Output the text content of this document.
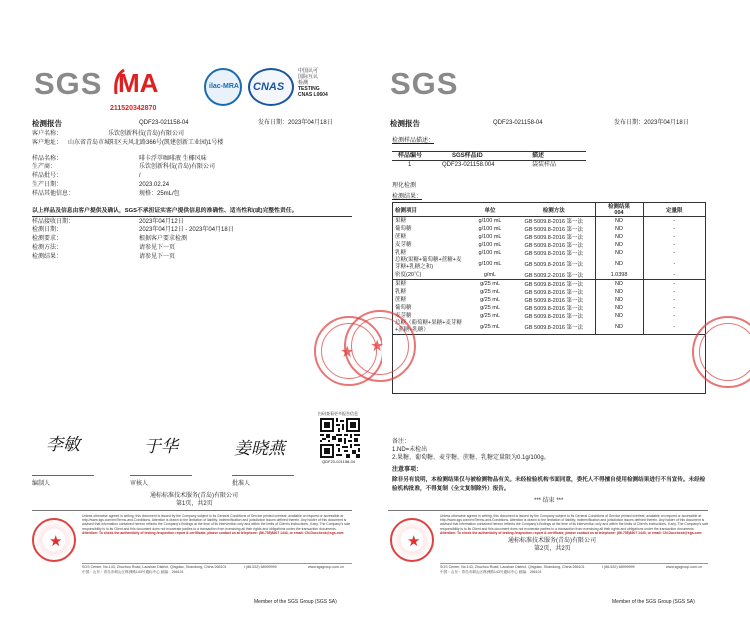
SGS MA
211520342870
ilac-MRA CNAS
中国认可
国际互认
检测
TESTING
CNAS L0604
检测报告	QDF23-021158-04	发布日期：2023年04月18日
客户名称：	乐饮创新科技(青岛)有限公司
客户地址： 山东省青岛市城阳区天风北路366号(凯建创新工业园)1号楼
样品名称：	啡卡浮萃咖啡液 生椰风味
生产商：	乐饮创新科技(青岛)有限公司
样品批号：	/
生产日期：	2023.02.24
样品其他信息：	规格：25mL/包
以上样品及信息由客户提供及确认，SGS不承担证实客户提供信息的准确性、适当性和(或)完整性责任。
样品接收日期：	2023年04月12日
检测日期：	2023年04月12日 - 2023年04月18日
检测要求：	根据客户要求检测
检测方法：	请参见下一页
检测结果：	请参见下一页
扫码查看更多报告信息
QDF23-021158-04
李敏	于华	姜晓燕
编制人	审核人	批准人
通标标准技术服务(青岛)有限公司
第1页，共2页
★
★
Unless otherwise agreed in writing, this document is issued by the Company subject to its General Conditions of Service printed overleaf, available on request or accessible at http://www.sgs.com/en/Terms-and-Conditions. Attention is drawn to the limitation of liability, indemnification and jurisdiction issues defined therein. Any holder of this document is advised that information contained hereon reflects the Company's findings at the time of its intervention only and within the limits of Client's instructions, if any. The Company's sole responsibility is to its Client and this document does not exonerate parties to a transaction from exercising all their rights and obligations under the transaction documents.
Attention: To check the authenticity of testing /inspection report & certificate, please contact us at telephone: (86-755)8307 1443, or email: CN.Doccheck@sgs.com
SGS Center, No.143, Zhuzhou Road, Laoshan District, Qingdao, Shandong, China 266101
中国・山东・青岛市崂山区株洲路143号通标中心 邮编：266101
t (86-532) 68999999	www.sgsgroup.com.cn
Member of the SGS Group (SGS SA)
SGS
检测报告	QDF23-021158-04	发布日期：2023年04月18日
检测样品描述：
样品编号	SGS样品ID	描述
1	QDF23-021158.004	袋装样品
理化检测
检测结果：
检测项目	单位	检测方法	检测结果
004	定量限
果糖	g/100 mL	GB 5009.8-2016 第一法	ND	-
葡萄糖	g/100 mL	GB 5009.8-2016 第一法	ND	-
蔗糖	g/100 mL	GB 5009.8-2016 第一法	ND	-
麦芽糖	g/100 mL	GB 5009.8-2016 第一法	ND	-
乳糖	g/100 mL	GB 5009.8-2016 第一法	ND	-
总糖(果糖+葡萄糖+蔗糖+麦芽糖+乳糖之和)	g/100 mL	GB 5009.8-2016 第一法	ND	-
密度(20℃)	g/mL	GB 5009.2-2016 第一法	1.0398	-
果糖	g/25 mL	GB 5009.8-2016 第一法	ND	-
乳糖	g/25 mL	GB 5009.8-2016 第一法	ND	-
蔗糖	g/25 mL	GB 5009.8-2016 第一法	ND	-
葡萄糖	g/25 mL	GB 5009.8-2016 第一法	ND	-
麦芽糖	g/25 mL	GB 5009.8-2016 第一法	ND	-
总糖（葡萄糖+果糖+麦芽糖+蔗糖+乳糖）	g/25 mL	GB 5009.8-2016 第一法	ND	-
备注：
1.ND=未检出
2.果糖、葡萄糖、麦芽糖、蔗糖、乳糖定量限为0.1g/100g。
注意事项：
除非另有说明，本检测结果仅与被检测物品有关。未经检验机构书面同意，委托人不得擅自使用检测结果进行不当宣传。未经检验机构批准，不得复制（全文复制除外）报告。
*** 结束 ***
通标标准技术服务(青岛)有限公司
第2页，共2页
★
★
Unless otherwise agreed in writing, this document is issued by the Company subject to its General Conditions of Service printed overleaf, available on request or accessible at http://www.sgs.com/en/Terms-and-Conditions. Attention is drawn to the limitation of liability, indemnification and jurisdiction issues defined therein. Any holder of this document is advised that information contained hereon reflects the Company's findings at the time of its intervention only and within the limits of Client's instructions, if any. The Company's sole responsibility is to its Client and this document does not exonerate parties to a transaction from exercising all their rights and obligations under the transaction documents.
Attention: To check the authenticity of testing /inspection report & certificate, please contact us at telephone: (86-755)8307 1443, or email: CN.Doccheck@sgs.com
SGS Center, No.143, Zhuzhou Road, Laoshan District, Qingdao, Shandong, China 266101
中国・山东・青岛市崂山区株洲路143号通标中心 邮编：266101
t (86-532) 68999999	www.sgsgroup.com.cn
Member of the SGS Group (SGS SA)
